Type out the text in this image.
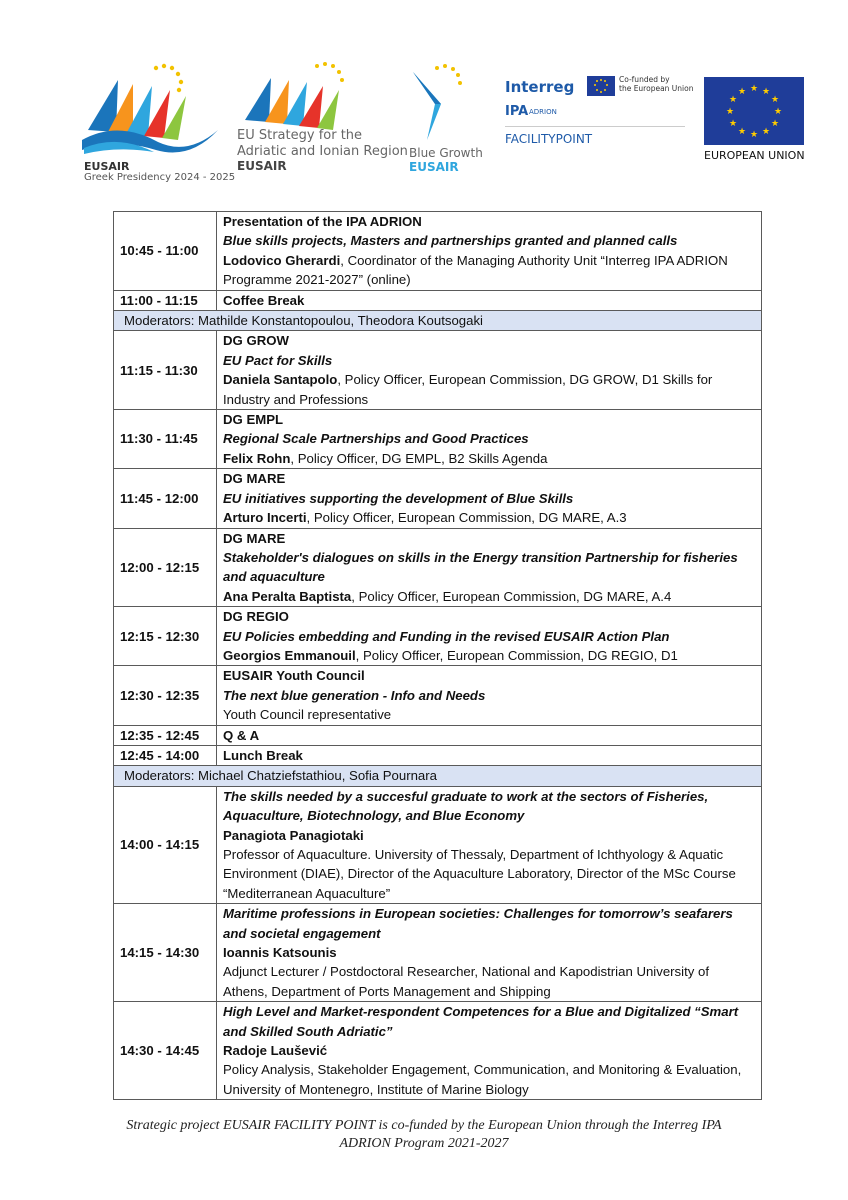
EUSAIR
Greek Presidency 2024 - 2025
EU Strategy for the
Adriatic and Ionian Region
EUSAIR
Blue Growth
EUSAIR
Interreg	Co-funded by
the European Union
IPA ADRION
FACILITYPOINT
★ ★
★
★
★
★
★
★
★
★
★
★
EUROPEAN UNION
10:45 - 11:00	Presentation of the IPA ADRION
Blue skills projects, Masters and partnerships granted and planned calls
Lodovico Gherardi, Coordinator of the Managing Authority Unit “Interreg IPA ADRION Programme 2021-2027” (online)

11:00 - 11:15	Coffee Break
Moderators: Mathilde Konstantopoulou, Theodora Koutsogaki	
11:15 - 11:30	DG GROW
EU Pact for Skills
Daniela Santapolo, Policy Officer, European Commission, DG GROW, D1 Skills for Industry and Professions

11:30 - 11:45	DG EMPL
Regional Scale Partnerships and Good Practices
Felix Rohn, Policy Officer, DG EMPL, B2 Skills Agenda

11:45 - 12:00	DG MARE
EU initiatives supporting the development of Blue Skills
Arturo Incerti, Policy Officer, European Commission, DG MARE, A.3

12:00 - 12:15	DG MARE
Stakeholder's dialogues on skills in the Energy transition Partnership for fisheries and aquaculture
Ana Peralta Baptista, Policy Officer, European Commission, DG MARE, A.4

12:15 - 12:30	DG REGIO
EU Policies embedding and Funding in the revised EUSAIR Action Plan
Georgios Emmanouil, Policy Officer, European Commission, DG REGIO, D1

12:30 - 12:35	EUSAIR Youth Council
The next blue generation - Info and Needs
Youth Council representative

12:35 - 12:45	Q & A
12:45 - 14:00	Lunch Break
Moderators: Michael Chatziefstathiou, Sofia Pournara	
14:00 - 14:15	The skills needed by a succesful graduate to work at the sectors of Fisheries, Aquaculture, Biotechnology, and Blue Economy
Panagiota Panagiotaki
Professor of Aquaculture. University of Thessaly, Department of Ichthyology & Aquatic Environment (DIAE), Director of the Aquaculture Laboratory, Director of the MSc Course “Mediterranean Aquaculture”

14:15 - 14:30	Maritime professions in European societies: Challenges for tomorrow’s seafarers and societal engagement
Ioannis Katsounis
Adjunct Lecturer / Postdoctoral Researcher, National and Kapodistrian University of Athens, Department of Ports Management and Shipping

14:30 - 14:45	High Level and Market-respondent Competences for a Blue and Digitalized “Smart and Skilled South Adriatic”
Radoje Laušević
Policy Analysis, Stakeholder Engagement, Communication, and Monitoring & Evaluation, University of Montenegro, Institute of Marine Biology
Strategic project EUSAIR FACILITY POINT is co-funded by the European Union through the Interreg IPA ADRION Program 2021-2027
